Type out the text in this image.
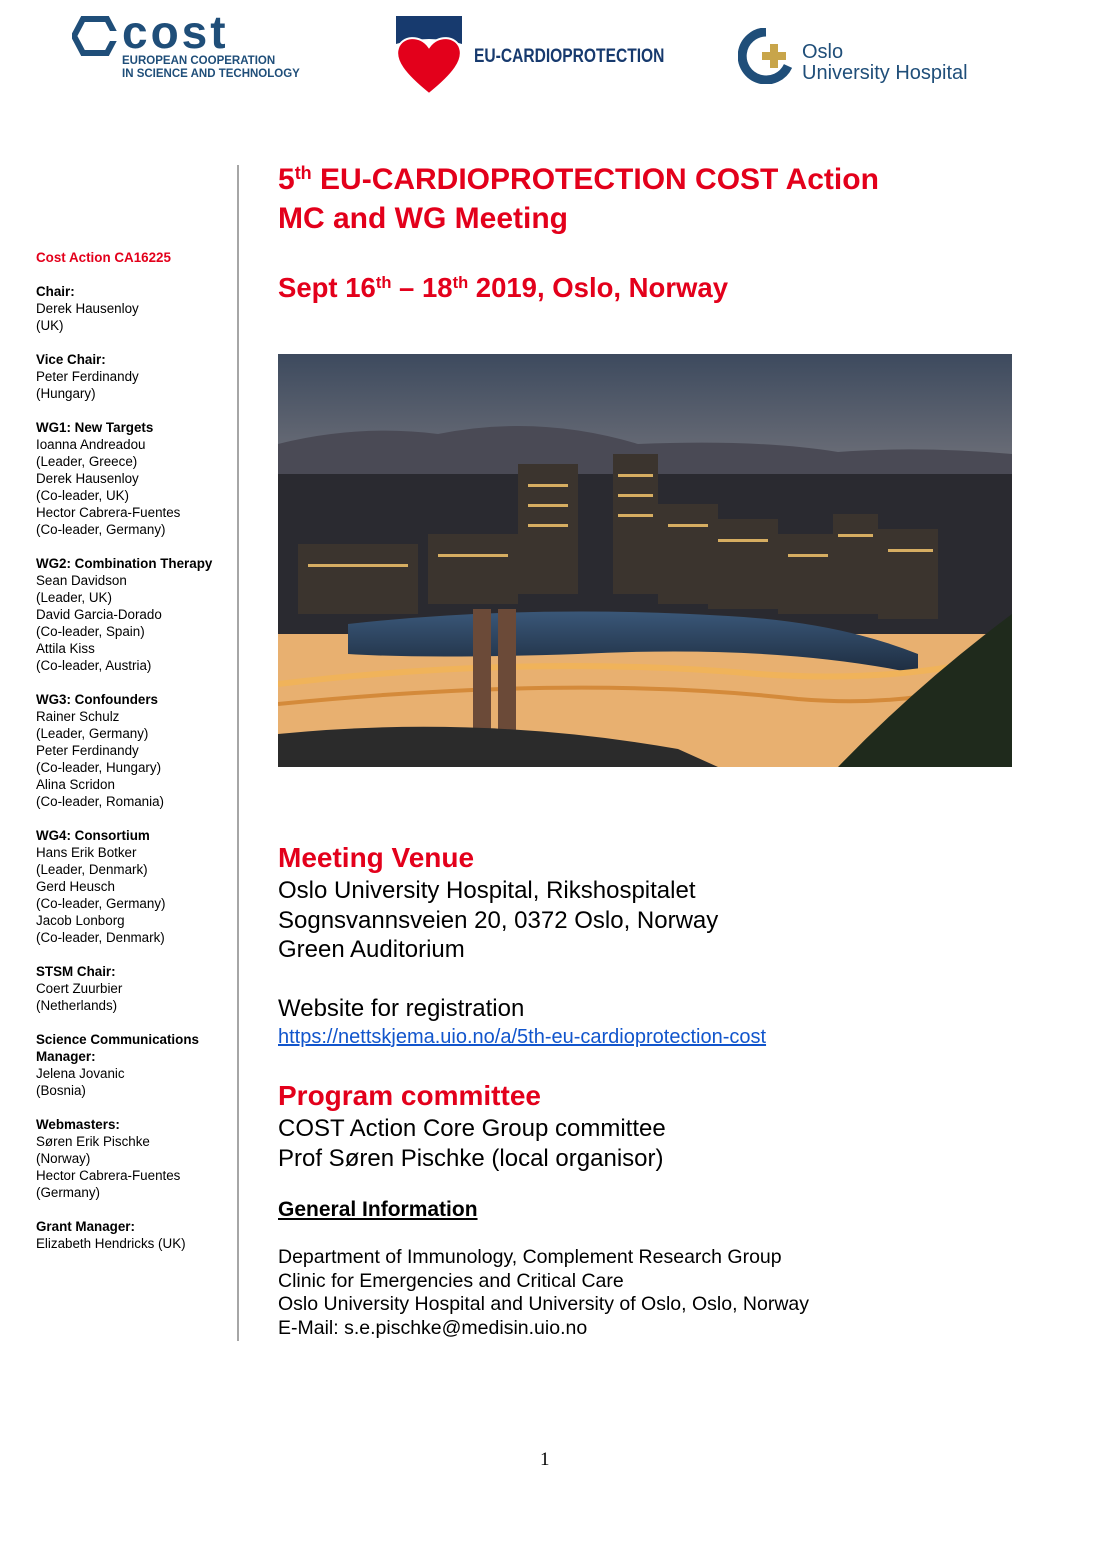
cost
EUROPEAN COOPERATION
IN SCIENCE AND TECHNOLOGY
EU-CARDIOPROTECTION	Oslo
University Hospital
Cost Action CA16225
Chair:
Derek Hausenloy
(UK)
Vice Chair:
Peter Ferdinandy
(Hungary)
WG1: New Targets
Ioanna Andreadou
(Leader, Greece)
Derek Hausenloy
(Co-leader, UK)
Hector Cabrera-Fuentes
(Co-leader, Germany)
WG2: Combination Therapy
Sean Davidson
(Leader, UK)
David Garcia-Dorado
(Co-leader, Spain)
Attila Kiss
(Co-leader, Austria)
WG3: Confounders
Rainer Schulz
(Leader, Germany)
Peter Ferdinandy
(Co-leader, Hungary)
Alina Scridon
(Co-leader, Romania)
WG4: Consortium
Hans Erik Botker
(Leader, Denmark)
Gerd Heusch
(Co-leader, Germany)
Jacob Lonborg
(Co-leader, Denmark)
STSM Chair:
Coert Zuurbier
(Netherlands)
Science Communications Manager:
Jelena Jovanic
(Bosnia)
Webmasters:
Søren Erik Pischke
(Norway)
Hector Cabrera-Fuentes
(Germany)
Grant Manager:
Elizabeth Hendricks (UK)
5th EU-CARDIOPROTECTION COST Action
MC and WG Meeting
Sept 16th – 18th 2019, Oslo, Norway
Meeting Venue
Oslo University Hospital, Rikshospitalet
Sognsvannsveien 20, 0372 Oslo, Norway
Green Auditorium
Website for registration
https://nettskjema.uio.no/a/5th-eu-cardioprotection-cost
Program committee
COST Action Core Group committee
Prof Søren Pischke (local organisor)
General Information
Department of Immunology, Complement Research Group
Clinic for Emergencies and Critical Care
Oslo University Hospital and University of Oslo, Oslo, Norway
E-Mail: s.e.pischke@medisin.uio.no
1
